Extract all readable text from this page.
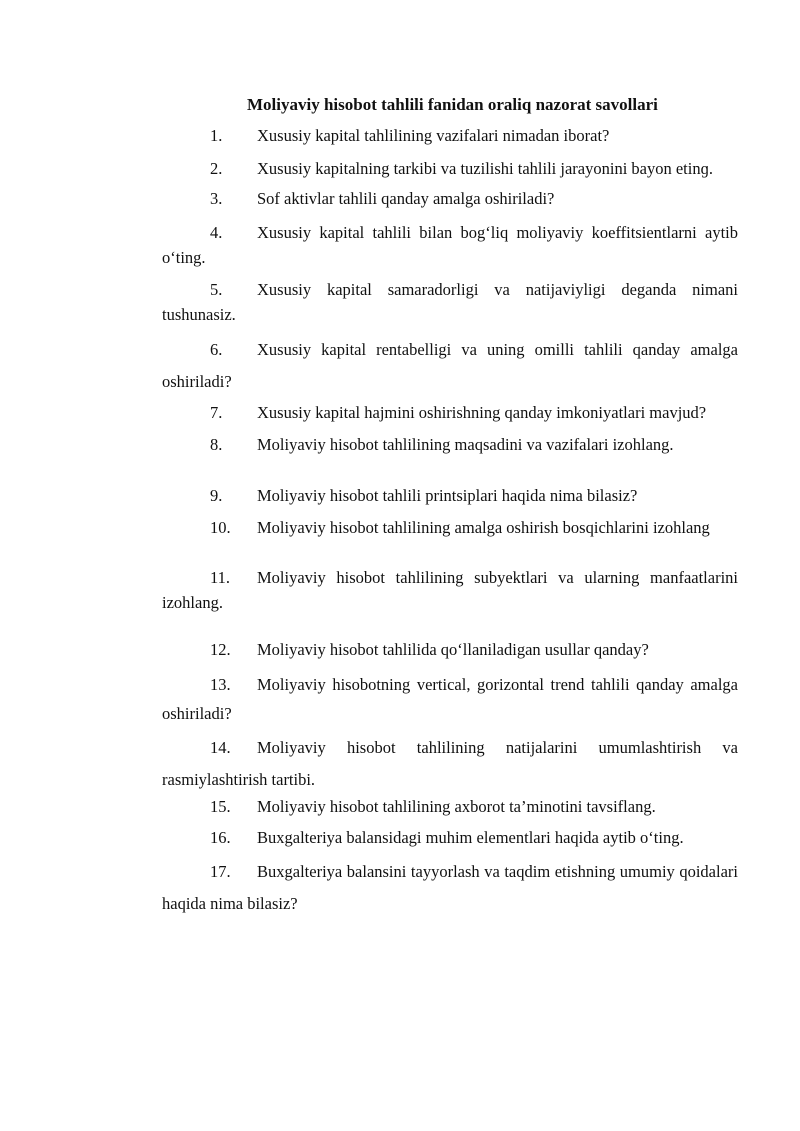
Moliyaviy hisobot tahlili fanidan oraliq nazorat savollari
1. Xususiy kapital tahlilining vazifalari nimadan iborat?
2. Xususiy kapitalning tarkibi va tuzilishi tahlili jarayonini bayon etinɡ.
3. Sof aktivlar tahlili qanday amalga oshiriladi?
4. Xususiy kapital tahlili bilan bog‘liq moliyaviy koeffitsientlarni aytib o‘ting.
5. Xususiy kapital samaradorligi va natijaviyligi deganda nimani tushunasiz.
6. Xususiy kapital rentabelligi va uning omilli tahlili qanday amalga oshiriladi?
7. Xususiy kapital hajmini oshirishning qanday imkoniyatlari mavjud?
8. Moliyaviy hisobot tahlilining maqsadini va vazifalari izohlang.
9. Moliyaviy hisobot tahlili printsiplari haqida nima bilasiz?
10. Moliyaviy hisobot tahlilining amalga oshirish bosqichlarini izohlang
11. Moliyaviy hisobot tahlilining subyektlari va ularning manfaatlarini izohlang.
12. Moliyaviy hisobot tahlilida qo‘llaniladigan usullar qanday?
13. Moliyaviy hisobotning vertical, gorizontal trend tahlili qanday amalga oshiriladi?
14. Moliyaviy hisobot tahlilining natijalarini umumlashtirish va rasmiylashtirish tartibi.
15. Moliyaviy hisobot tahlilining axborot ta’minotini tavsiflang.
16. Buxgalteriya balansidagi muhim elementlari haqida aytib o‘ting.
17. Buxgalteriya balansini tayyorlash va taqdim etishning umumiy qoidalari haqida nima bilasiz?
